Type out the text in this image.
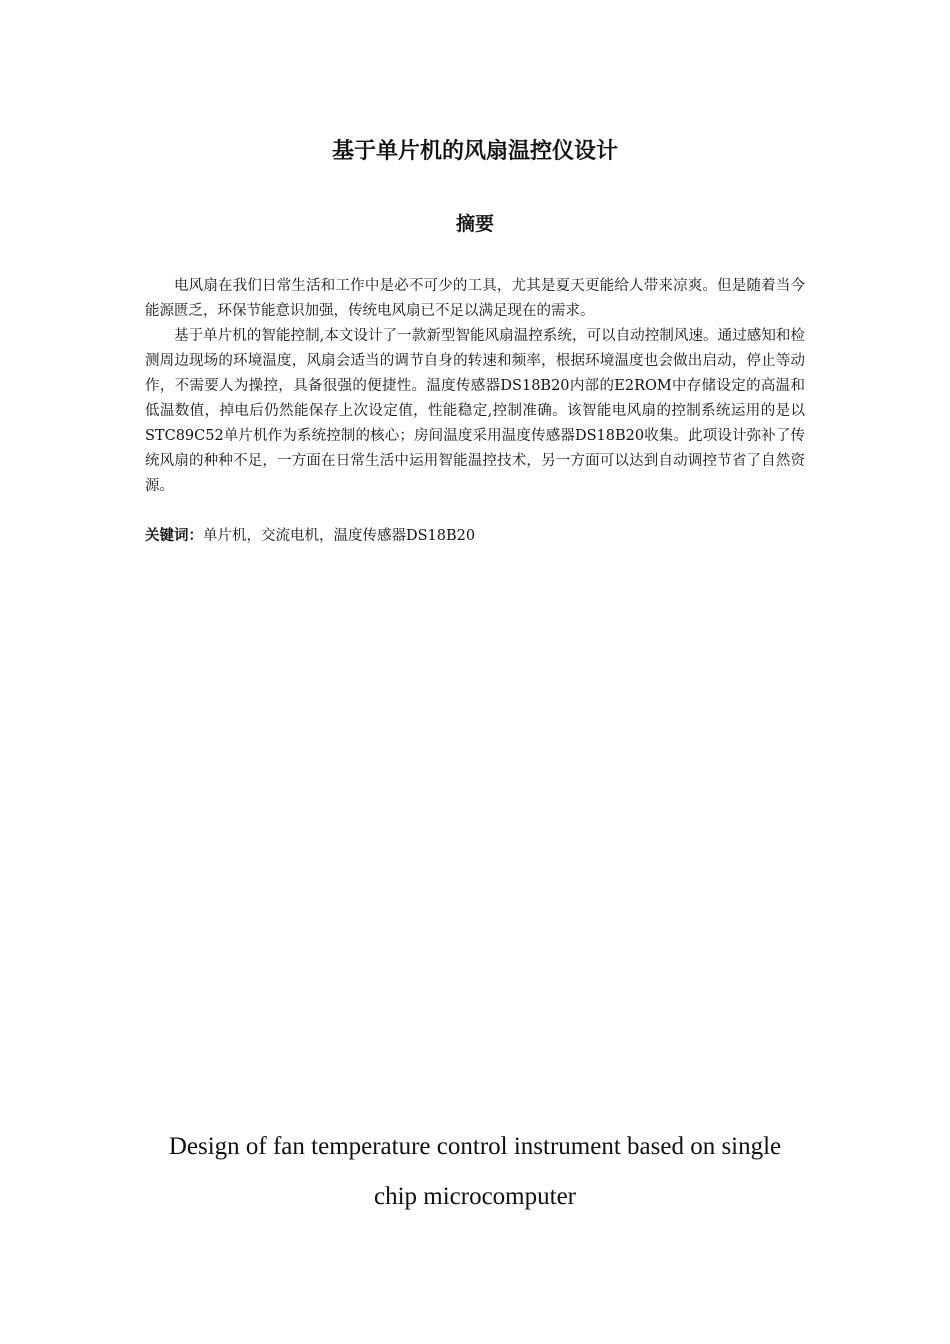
基于单片机的风扇温控仪设计
摘要

电风扇在我们日常生活和工作中是必不可少的工具，尤其是夏天更能给人带来凉爽。但是随着当今能源匮乏，环保节能意识加强，传统电风扇已不足以满足现在的需求。

基于单片机的智能控制,本文设计了一款新型智能风扇温控系统，可以自动控制风速。通过感知和检测周边现场的环境温度，风扇会适当的调节自身的转速和频率，根据环境温度也会做出启动，停止等动作，不需要人为操控，具备很强的便捷性。温度传感器DS18B20内部的E2ROM中存储设定的高温和低温数值，掉电后仍然能保存上次设定值，性能稳定,控制准确。该智能电风扇的控制系统运用的是以STC89C52单片机作为系统控制的核心；房间温度采用温度传感器DS18B20收集。此项设计弥补了传统风扇的种种不足，一方面在日常生活中运用智能温控技术，另一方面可以达到自动调控节省了自然资源。

关键词：单片机，交流电机，温度传感器DS18B20
Design of fan temperature control instrument based on single chip microcomputer
